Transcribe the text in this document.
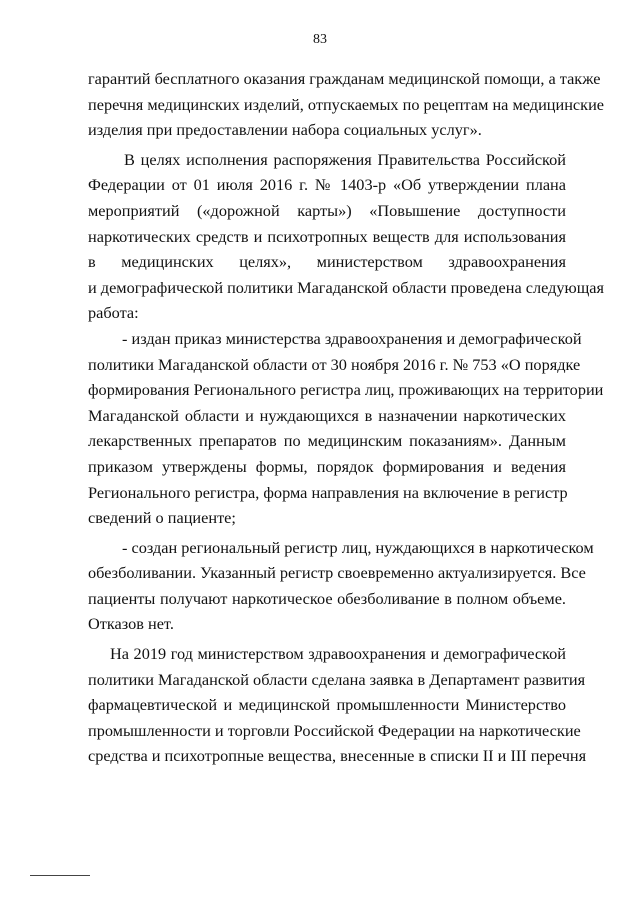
83
гарантий бесплатного оказания гражданам медицинской помощи, а также
перечня медицинских изделий, отпускаемых по рецептам на медицинские
изделия при предоставлении набора социальных услуг».
В целях исполнения распоряжения Правительства Российской
Федерации от 01 июля 2016 г. № 1403-р «Об утверждении плана
мероприятий («дорожной карты») «Повышение доступности
наркотических средств и психотропных веществ для использования
в медицинских целях», министерством здравоохранения
и демографической политики Магаданской области проведена следующая
работа:
- издан приказ министерства здравоохранения и демографической
политики Магаданской области от 30 ноября 2016 г. № 753 «О порядке
формирования Регионального регистра лиц, проживающих на территории
Магаданской области и нуждающихся в назначении наркотических
лекарственных препаратов по медицинским показаниям». Данным
приказом утверждены формы, порядок формирования и ведения
Регионального регистра, форма направления на включение в регистр
сведений о пациенте;
- создан региональный регистр лиц, нуждающихся в наркотическом
обезболивании. Указанный регистр своевременно актуализируется. Все
пациенты получают наркотическое обезболивание в полном объеме.
Отказов нет.
На 2019 год министерством здравоохранения и демографической
политики Магаданской области сделана заявка в Департамент развития
фармацевтической и медицинской промышленности Министерство
промышленности и торговли Российской Федерации на наркотические
средства и психотропные вещества, внесенные в списки II и III перечня
